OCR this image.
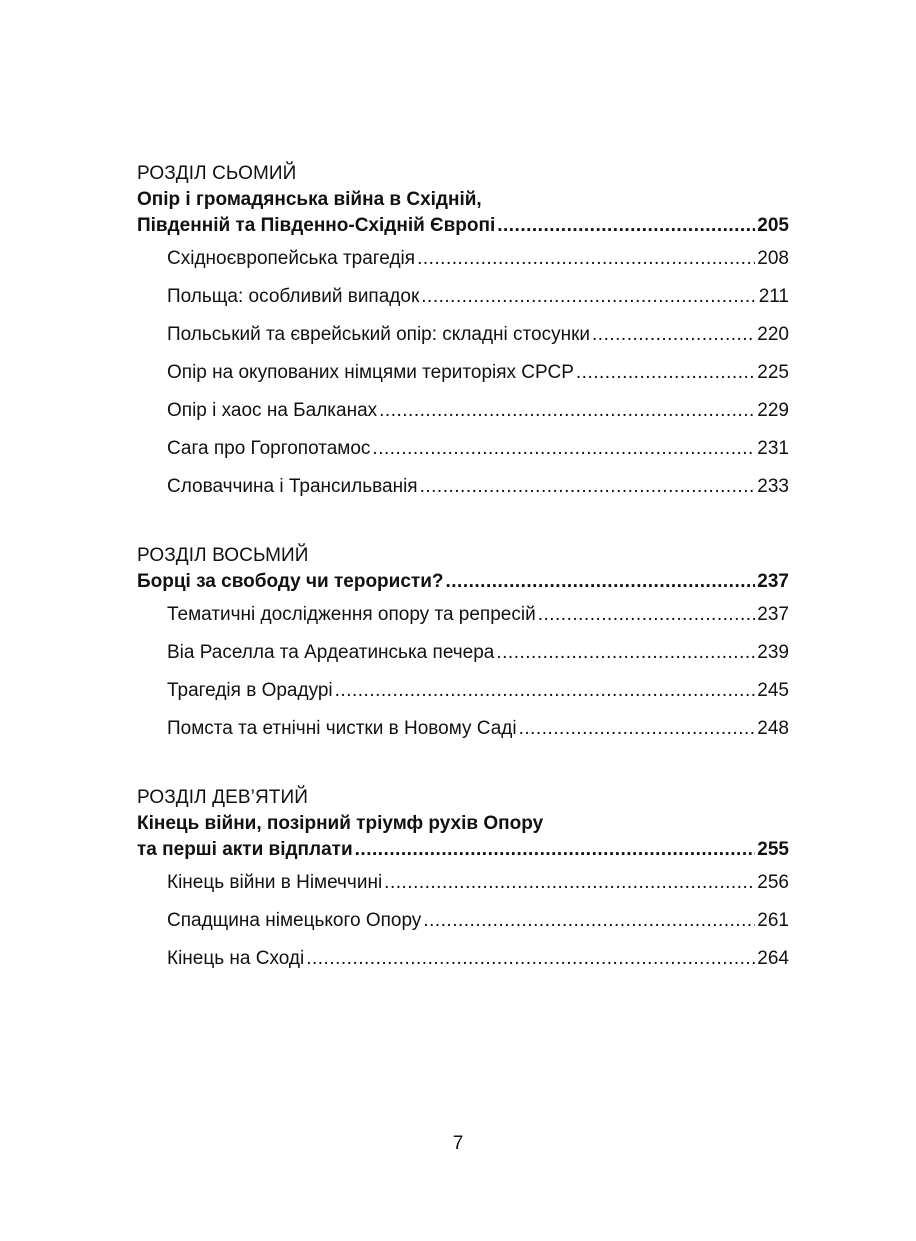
РОЗДІЛ СЬОМИЙ
Опір і громадянська війна в Східній,
Південній та Південно-Східній Європі .....	205
Східноєвропейська трагедія .....	208
Польща: особливий випадок .....	211
Польський та єврейський опір: складні стосунки .....	220
Опір на окупованих німцями територіях СРСР .....	225
Опір і хаос на Балканах .....	229
Сага про Горгопотамос .....	231
Словаччина і Трансильванія .....	233
РОЗДІЛ ВОСЬМИЙ
Борці за свободу чи терористи? .....	237
Тематичні дослідження опору та репресій .....	237
Віа Раселла та Ардеатинська печера .....	239
Трагедія в Орадурі .....	245
Помста та етнічні чистки в Новому Саді .....	248
РОЗДІЛ ДЕВ’ЯТИЙ
Кінець війни, позірний тріумф рухів Опору
та перші акти відплати .....	255
Кінець війни в Німеччині .....	256
Спадщина німецького Опору .....	261
Кінець на Сході .....	264
7
